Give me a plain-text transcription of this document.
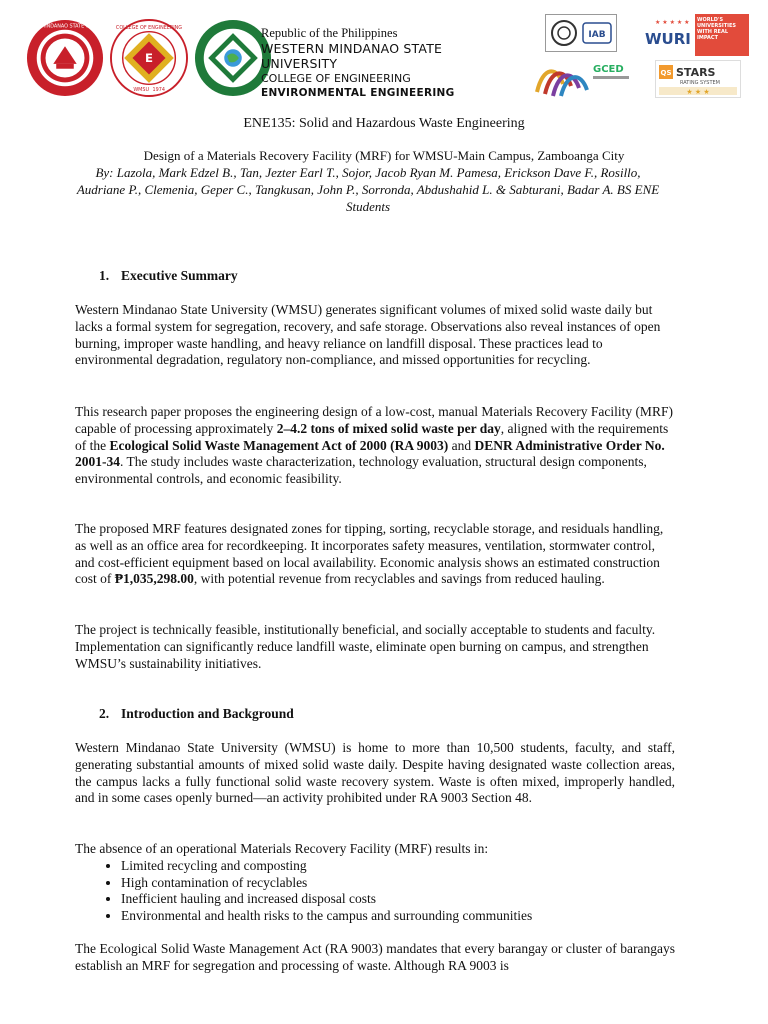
WESTERN MINDANAO STATE UNIVERSITY
E
COLLEGE OF ENGINEERING
WMSU 1974
Republic of the Philippines
WESTERN MINDANAO STATE
UNIVERSITY
COLLEGE OF ENGINEERING
ENVIRONMENTAL ENGINEERING
IAB
GCED
★ ★ ★ ★ ★
WURI
WORLD'S UNIVERSITIES WITH REAL IMPACT
QS STARS
RATING SYSTEM
★ ★ ★
ENE135: Solid and Hazardous Waste Engineering
Design of a Materials Recovery Facility (MRF) for WMSU-Main Campus, Zamboanga City
By: Lazola, Mark Edzel B., Tan, Jezter Earl T., Sojor, Jacob Ryan M. Pamesa, Erickson Dave F., Rosillo, Audriane P., Clemenia, Geper C., Tangkusan, John P., Sorronda, Abdushahid L. & Sabturani, Badar A. BS ENE Students
1. Executive Summary

Western Mindanao State University (WMSU) generates significant volumes of mixed solid waste daily but lacks a formal system for segregation, recovery, and safe storage. Observations also reveal instances of open burning, improper waste handling, and heavy reliance on landfill disposal. These practices lead to environmental degradation, regulatory non-compliance, and missed opportunities for recycling.

This research paper proposes the engineering design of a low-cost, manual Materials Recovery Facility (MRF) capable of processing approximately 2–4.2 tons of mixed solid waste per day, aligned with the requirements of the Ecological Solid Waste Management Act of 2000 (RA 9003) and DENR Administrative Order No. 2001-34. The study includes waste characterization, technology evaluation, structural design components, environmental controls, and economic feasibility.

The proposed MRF features designated zones for tipping, sorting, recyclable storage, and residuals handling, as well as an office area for recordkeeping. It incorporates safety measures, ventilation, stormwater control, and cost-efficient equipment based on local availability. Economic analysis shows an estimated construction cost of ₱1,035,298.00, with potential revenue from recyclables and savings from reduced hauling.

The project is technically feasible, institutionally beneficial, and socially acceptable to students and faculty. Implementation can significantly reduce landfill waste, eliminate open burning on campus, and strengthen WMSU’s sustainability initiatives.

2. Introduction and Background

Western Mindanao State University (WMSU) is home to more than 10,500 students, faculty, and staff, generating substantial amounts of mixed solid waste daily. Despite having designated waste collection areas, the campus lacks a fully functional solid waste recovery system. Waste is often mixed, improperly handled, and in some cases openly burned—an activity prohibited under RA 9003 Section 48.

The absence of an operational Materials Recovery Facility (MRF) results in:

• Limited recycling and composting
• High contamination of recyclables
• Inefficient hauling and increased disposal costs
• Environmental and health risks to the campus and surrounding communities

The Ecological Solid Waste Management Act (RA 9003) mandates that every barangay or cluster of barangays establish an MRF for segregation and processing of waste. Although RA 9003 is
